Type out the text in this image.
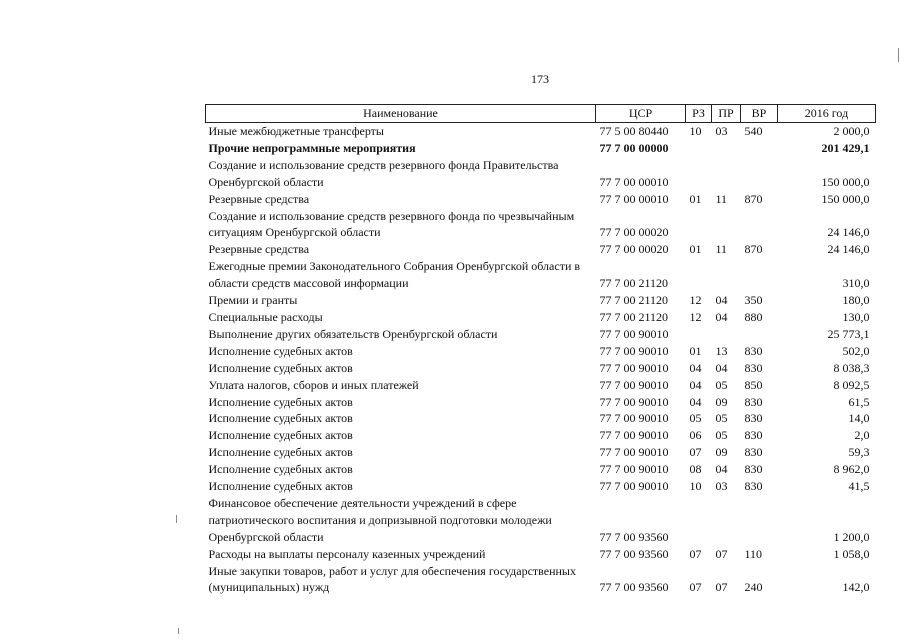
173
Наименование	ЦСР	РЗ	ПР	ВР	2016 год
Иные межбюджетные трансферты	77 5 00 80440	10	03	540	2 000,0
Прочие непрограммные мероприятия	77 7 00 00000				201 429,1
Создание и использование средств резервного фонда Правительства Оренбургской области	77 7 00 00010				150 000,0
Резервные средства	77 7 00 00010	01	11	870	150 000,0
Создание и использование средств резервного фонда по чрезвычайным ситуациям Оренбургской области	77 7 00 00020				24 146,0
Резервные средства	77 7 00 00020	01	11	870	24 146,0
Ежегодные премии Законодательного Собрания Оренбургской области в области средств массовой информации	77 7 00 21120				310,0
Премии и гранты	77 7 00 21120	12	04	350	180,0
Специальные расходы	77 7 00 21120	12	04	880	130,0
Выполнение других обязательств Оренбургской области	77 7 00 90010				25 773,1
Исполнение судебных актов	77 7 00 90010	01	13	830	502,0
Исполнение судебных актов	77 7 00 90010	04	04	830	8 038,3
Уплата налогов, сборов и иных платежей	77 7 00 90010	04	05	850	8 092,5
Исполнение судебных актов	77 7 00 90010	04	09	830	61,5
Исполнение судебных актов	77 7 00 90010	05	05	830	14,0
Исполнение судебных актов	77 7 00 90010	06	05	830	2,0
Исполнение судебных актов	77 7 00 90010	07	09	830	59,3
Исполнение судебных актов	77 7 00 90010	08	04	830	8 962,0
Исполнение судебных актов	77 7 00 90010	10	03	830	41,5
Финансовое обеспечение деятельности учреждений в сфере патриотического воспитания и допризывной подготовки молодежи Оренбургской области	77 7 00 93560				1 200,0
Расходы на выплаты персоналу казенных учреждений	77 7 00 93560	07	07	110	1 058,0
Иные закупки товаров, работ и услуг для обеспечения государственных (муниципальных) нужд	77 7 00 93560	07	07	240	142,0
